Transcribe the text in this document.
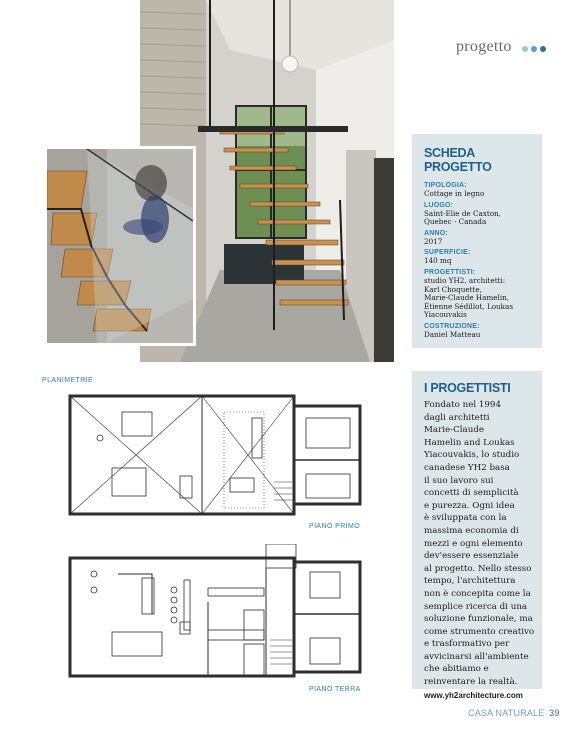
progetto
SCHEDA PROGETTO
TIPOLOGIA:
Cottage in legno
LUOGO:
Saint-Elie de Caxton,
Quebec - Canada
ANNO:
2017
SUPERFICIE:
140 mq
PROGETTISTI:
studio YH2, architetti:
Karl Choquette,
Marie-Claude Hamelin,
Étienne Sédillot, Loukas
Yiacouvakis
COSTRUZIONE:
Daniel Matteau
I PROGETTISTI
Fondato nel 1994
dagli architetti
Marie-Claude
Hamelin and Loukas
Yiacouvakis, lo studio
canadese YH2 basa
il suo lavoro sui
concetti di semplicità
e purezza. Ogni idea
è sviluppata con la
massima economia di
mezzi e ogni elemento
dev'essere essenziale
al progetto. Nello stesso
tempo, l'architettura
non è concepita come la
semplice ricerca di una
soluzione funzionale, ma
come strumento creativo
e trasformativo per
avvicinarsi all'ambiente
che abitiamo e
reinventare la realtà.
www.yh2architecture.com
PLANIMETRIE
PIANO PRIMO
PIANO TERRA
CASA NATURALE 39
